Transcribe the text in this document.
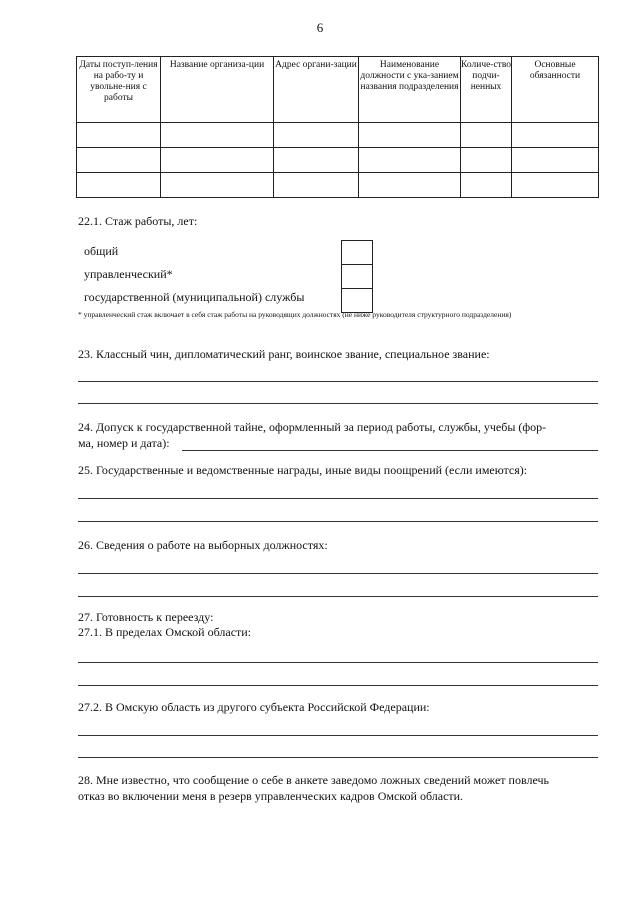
6
Даты поступ-ления на рабо-ту и увольне-ния с работы	Название организа-ции	Адрес органи-зации	Наименование должности с ука-занием названия подразделения	Количе-ство подчи-ненных	Основные обязанности

22.1. Стаж работы, лет:
общий
управленческий*
государственной (муниципальной) службы
* управленческий стаж включает в себя стаж работы на руководящих должностях (не ниже руководителя структурного подразделения)
23. Классный чин, дипломатический ранг, воинское звание, специальное звание:
24. Допуск к государственной тайне, оформленный за период работы, службы, учебы (фор-
ма, номер и дата):
25. Государственные и ведомственные награды, иные виды поощрений (если имеются):
26. Сведения о работе на выборных должностях:
27. Готовность к переезду:
27.1. В пределах Омской области:
27.2. В Омскую область из другого субъекта Российской Федерации:
28. Мне известно, что сообщение о себе в анкете заведомо ложных сведений может повлечь
отказ во включении меня в резерв управленческих кадров Омской области.
